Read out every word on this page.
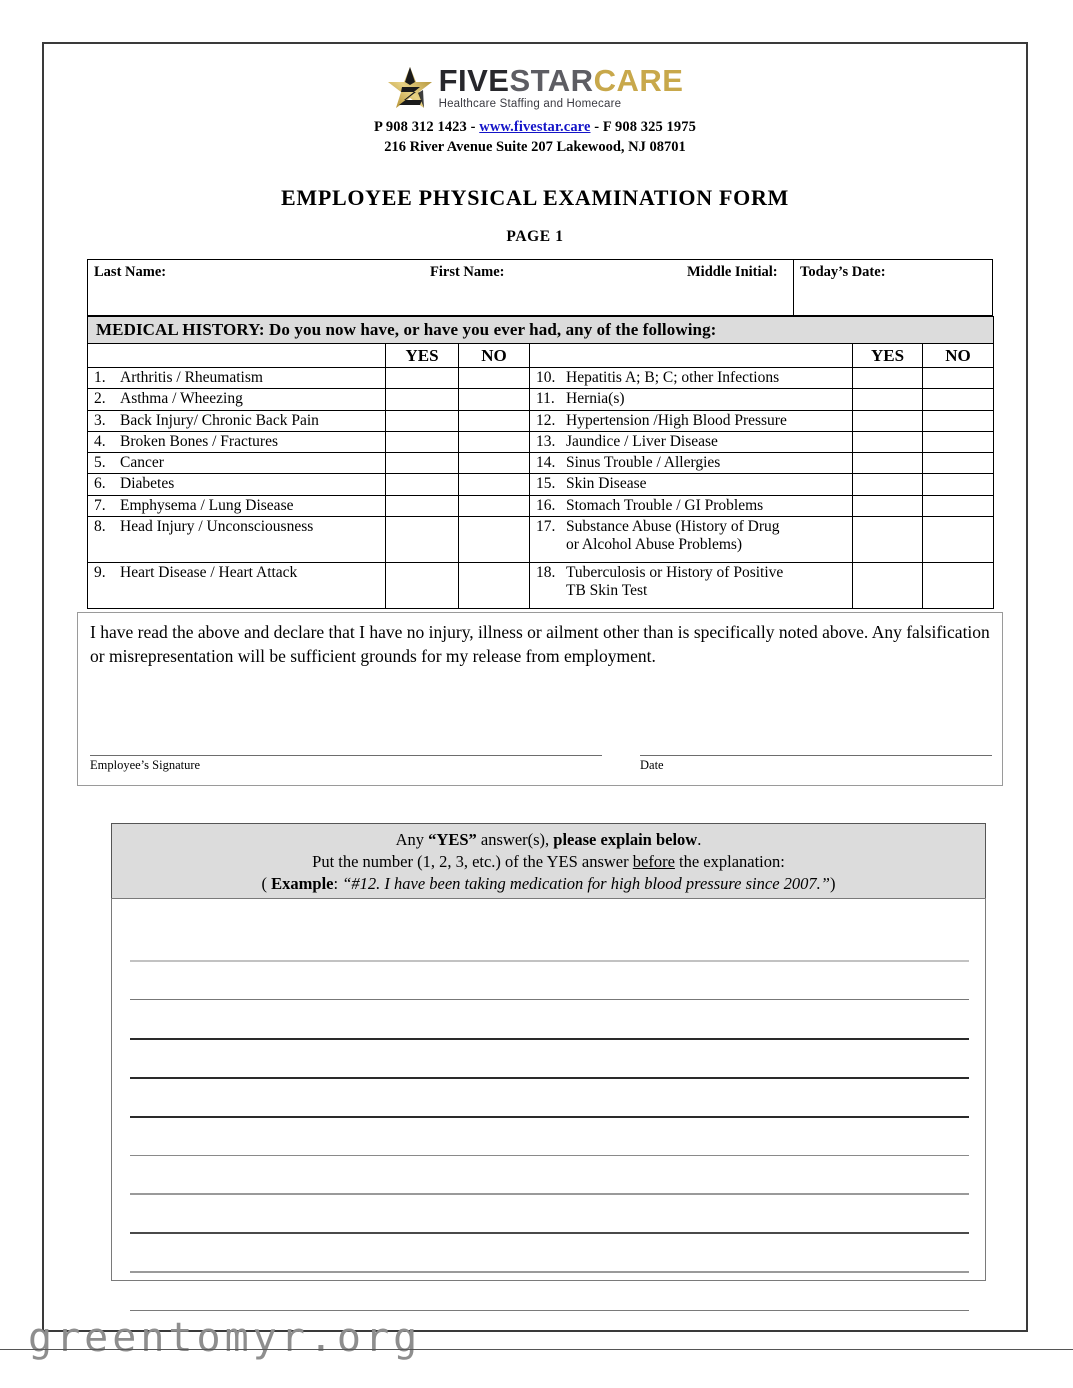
FIVESTARCARE
Healthcare Staffing and Homecare
P 908 312 1423 - www.fivestar.care - F 908 325 1975
216 River Avenue Suite 207 Lakewood, NJ 08701
EMPLOYEE PHYSICAL EXAMINATION FORM
PAGE 1
Last Name:	First Name:	Middle Initial:	Today’s Date:
MEDICAL HISTORY: Do you now have, or have you ever had, any of the following:					
	YES	NO		YES	NO
1. Arthritis / Rheumatism			10. Hepatitis A; B; C; other Infections		
2. Asthma / Wheezing			11. Hernia(s)		
3. Back Injury/ Chronic Back Pain			12. Hypertension /High Blood Pressure		
4. Broken Bones / Fractures			13. Jaundice / Liver Disease		
5. Cancer			14. Sinus Trouble / Allergies		
6. Diabetes			15. Skin Disease		
7. Emphysema / Lung Disease			16. Stomach Trouble / GI Problems		
8. Head Injury / Unconsciousness			17. Substance Abuse (History of Drug
or Alcohol Abuse Problems)		

9. Heart Disease / Heart Attack			18. Tuberculosis or History of Positive
TB Skin Test		

I have read the above and declare that I have no injury, illness or ailment other than is specifically noted above. Any falsification or misrepresentation will be sufficient grounds for my release from employment.
Employee’s Signature	Date
Any “YES” answer(s), please explain below.
Put the number (1, 2, 3, etc.) of the YES answer before the explanation:
( Example: “#12. I have been taking medication for high blood pressure since 2007.”)
greentomyr.org
